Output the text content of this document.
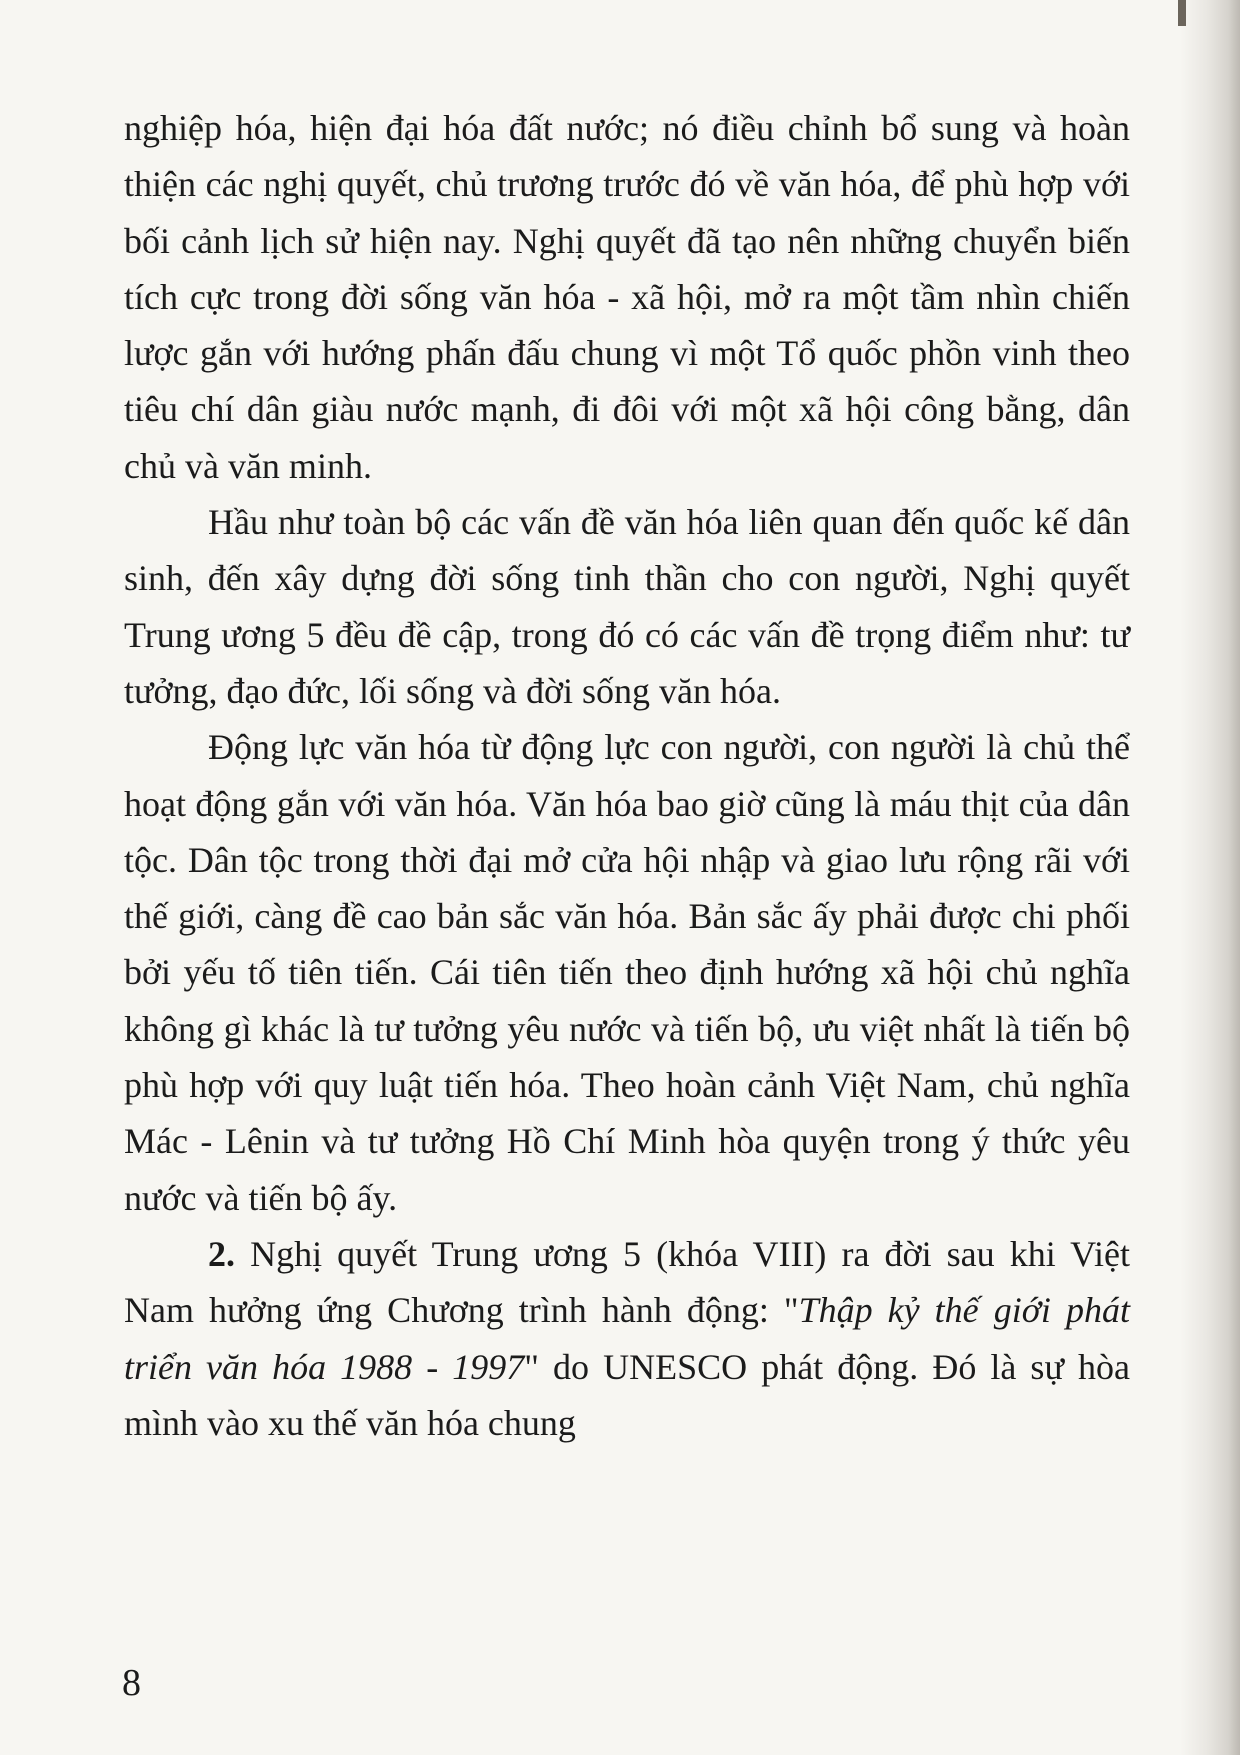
nghiệp hóa, hiện đại hóa đất nước; nó điều chỉnh bổ sung và hoàn thiện các nghị quyết, chủ trương trước đó về văn hóa, để phù hợp với bối cảnh lịch sử hiện nay. Nghị quyết đã tạo nên những chuyển biến tích cực trong đời sống văn hóa - xã hội, mở ra một tầm nhìn chiến lược gắn với hướng phấn đấu chung vì một Tổ quốc phồn vinh theo tiêu chí dân giàu nước mạnh, đi đôi với một xã hội công bằng, dân chủ và văn minh.

Hầu như toàn bộ các vấn đề văn hóa liên quan đến quốc kế dân sinh, đến xây dựng đời sống tinh thần cho con người, Nghị quyết Trung ương 5 đều đề cập, trong đó có các vấn đề trọng điểm như: tư tưởng, đạo đức, lối sống và đời sống văn hóa.

Động lực văn hóa từ động lực con người, con người là chủ thể hoạt động gắn với văn hóa. Văn hóa bao giờ cũng là máu thịt của dân tộc. Dân tộc trong thời đại mở cửa hội nhập và giao lưu rộng rãi với thế giới, càng đề cao bản sắc văn hóa. Bản sắc ấy phải được chi phối bởi yếu tố tiên tiến. Cái tiên tiến theo định hướng xã hội chủ nghĩa không gì khác là tư tưởng yêu nước và tiến bộ, ưu việt nhất là tiến bộ phù hợp với quy luật tiến hóa. Theo hoàn cảnh Việt Nam, chủ nghĩa Mác - Lênin và tư tưởng Hồ Chí Minh hòa quyện trong ý thức yêu nước và tiến bộ ấy.

2. Nghị quyết Trung ương 5 (khóa VIII) ra đời sau khi Việt Nam hưởng ứng Chương trình hành động: "Thập kỷ thế giới phát triển văn hóa 1988 - 1997" do UNESCO phát động. Đó là sự hòa mình vào xu thế văn hóa chung

8
